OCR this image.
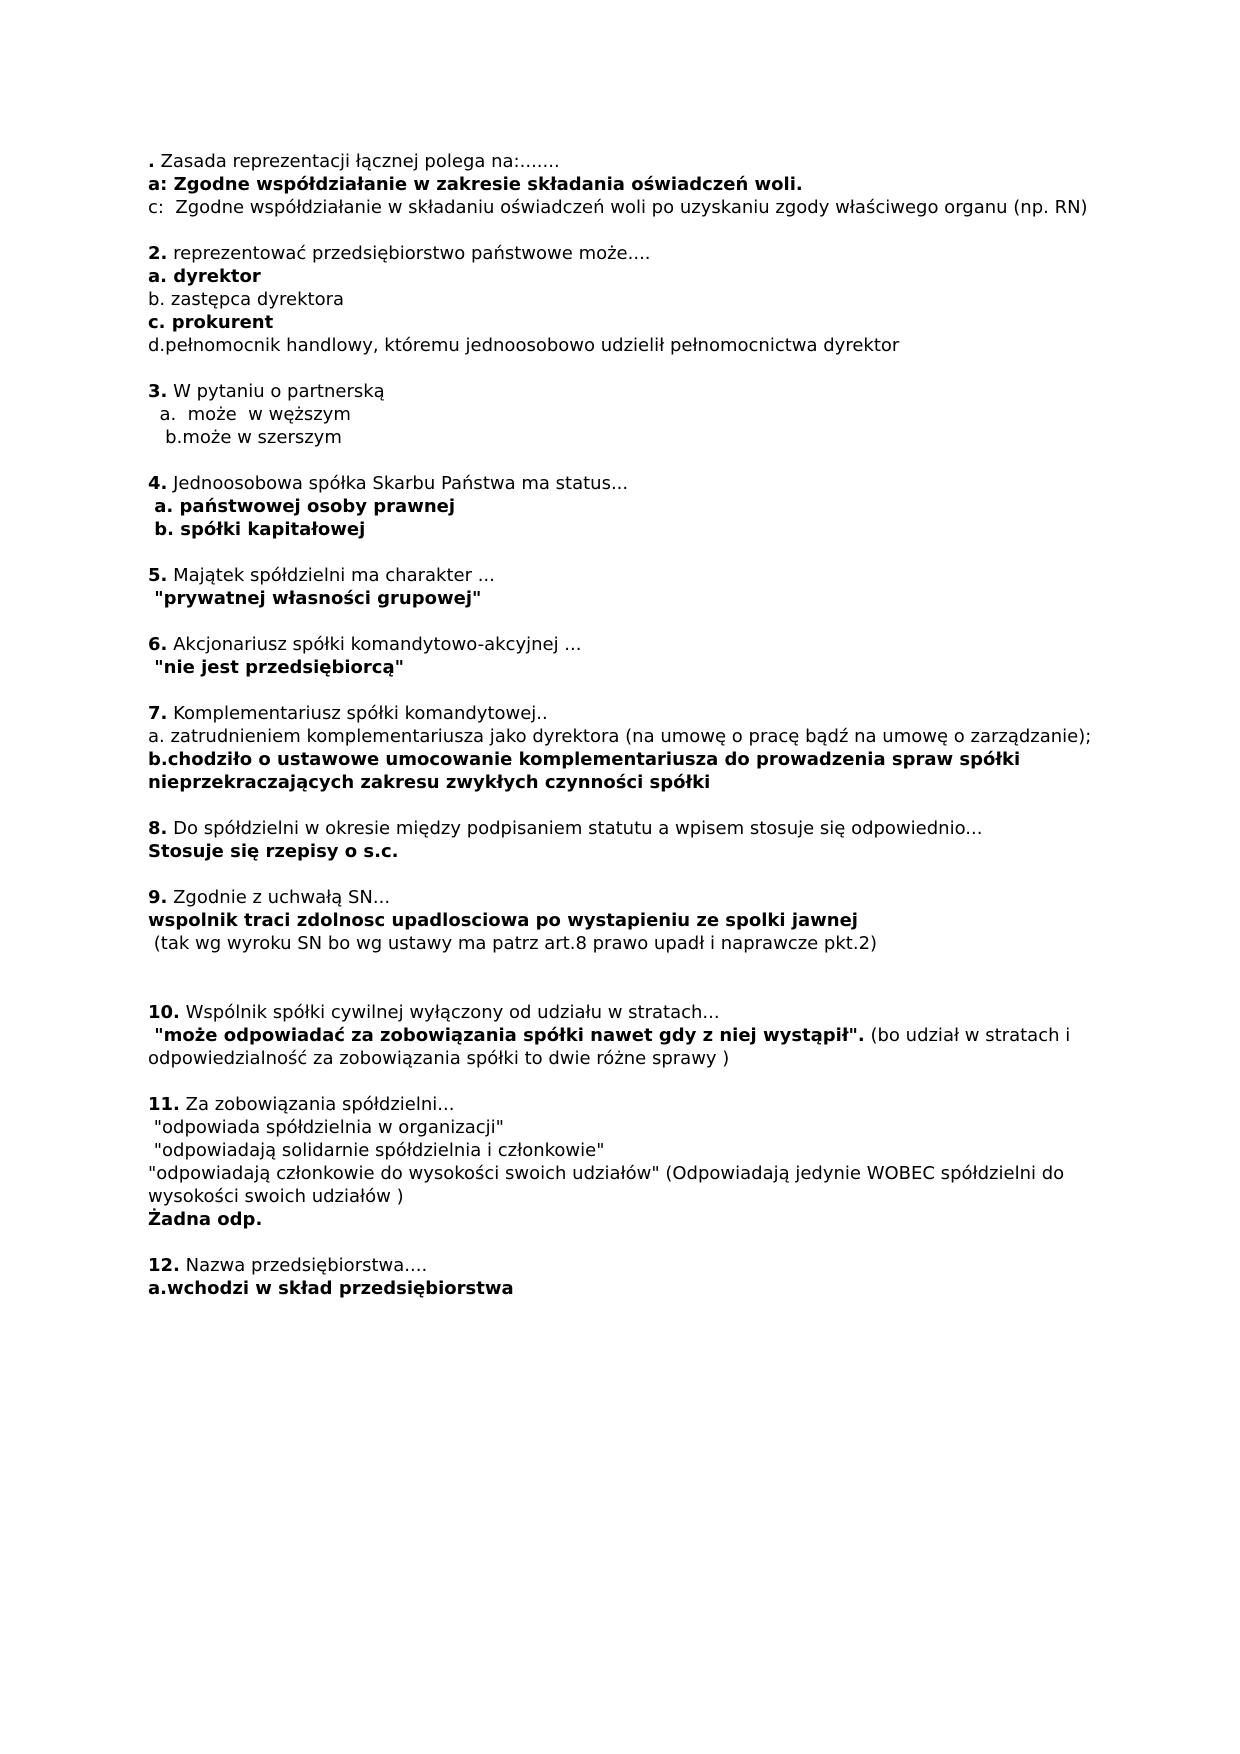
. Zasada reprezentacji łącznej polega na:.......
a: Zgodne współdziałanie w zakresie składania oświadczeń woli.
c:  Zgodne współdziałanie w składaniu oświadczeń woli po uzyskaniu zgody właściwego organu (np. RN)
2. reprezentować przedsiębiorstwo państwowe może....
a. dyrektor
b. zastępca dyrektora
c. prokurent
d.pełnomocnik handlowy, któremu jednoosobowo udzielił pełnomocnictwa dyrektor
3. W pytaniu o partnerską
a.  może  w węższym
b.może w szerszym
4. Jednoosobowa spółka Skarbu Państwa ma status...
a. państwowej osoby prawnej
b. spółki kapitałowej
5. Majątek spółdzielni ma charakter ...
"prywatnej własności grupowej"
6. Akcjonariusz spółki komandytowo-akcyjnej ...
"nie jest przedsiębiorcą"
7. Komplementariusz spółki komandytowej..
a. zatrudnieniem komplementariusza jako dyrektora (na umowę o pracę bądź na umowę o zarządzanie);
b.chodziło o ustawowe umocowanie komplementariusza do prowadzenia spraw spółki nieprzekraczających zakresu zwykłych czynności spółki
8. Do spółdzielni w okresie między podpisaniem statutu a wpisem stosuje się odpowiednio...
Stosuje się rzepisy o s.c.
9. Zgodnie z uchwałą SN...
wspolnik traci zdolnosc upadlosciowa po wystapieniu ze spolki jawnej
(tak wg wyroku SN bo wg ustawy ma patrz art.8 prawo upadł i naprawcze pkt.2)
10. Wspólnik spółki cywilnej wyłączony od udziału w stratach...
"może odpowiadać za zobowiązania spółki nawet gdy z niej wystąpił". (bo udział w stratach i odpowiedzialność za zobowiązania spółki to dwie różne sprawy )
11. Za zobowiązania spółdzielni...
"odpowiada spółdzielnia w organizacji"
"odpowiadają solidarnie spółdzielnia i członkowie"
"odpowiadają członkowie do wysokości swoich udziałów" (Odpowiadają jedynie WOBEC spółdzielni do wysokości swoich udziałów )
Żadna odp.
12. Nazwa przedsiębiorstwa....
a.wchodzi w skład przedsiębiorstwa
